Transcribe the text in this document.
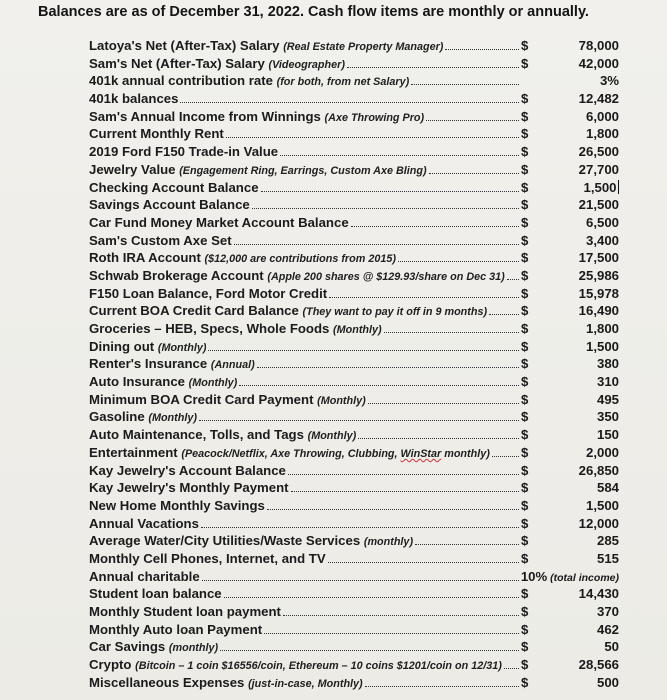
Balances are as of December 31, 2022. Cash flow items are monthly or annually.
Latoya's Net (After-Tax) Salary (Real Estate Property Manager)	$	78,000
Sam's Net (After-Tax) Salary (Videographer)	$	42,000
401k annual contribution rate (for both, from net Salary)	3%
401k balances	$	12,482
Sam's Annual Income from Winnings (Axe Throwing Pro)	$	6,000
Current Monthly Rent	$	1,800
2019 Ford F150 Trade-in Value	$	26,500
Jewelry Value (Engagement Ring, Earrings, Custom Axe Bling)	$	27,700
Checking Account Balance	$	1,500
Savings Account Balance	$	21,500
Car Fund Money Market Account Balance	$	6,500
Sam's Custom Axe Set	$	3,400
Roth IRA Account ($12,000 are contributions from 2015)	$	17,500
Schwab Brokerage Account (Apple 200 shares @ $129.93/share on Dec 31) $	25,986
F150 Loan Balance, Ford Motor Credit	$	15,978
Current BOA Credit Card Balance (They want to pay it off in 9 months)	$	16,490
Groceries – HEB, Specs, Whole Foods (Monthly)	$	1,800
Dining out (Monthly)	$	1,500
Renter's Insurance (Annual)	$	380
Auto Insurance (Monthly)	$	310
Minimum BOA Credit Card Payment (Monthly)	$	495
Gasoline (Monthly)	$	350
Auto Maintenance, Tolls, and Tags (Monthly)	$	150
Entertainment (Peacock/Netflix, Axe Throwing, Clubbing, WinStar monthly) $	2,000
Kay Jewelry's Account Balance	$	26,850
Kay Jewelry's Monthly Payment	$	584
New Home Monthly Savings	$	1,500
Annual Vacations	$	12,000
Average Water/City Utilities/Waste Services (monthly)	$	285
Monthly Cell Phones, Internet, and TV	$	515
Annual charitable	10% (total income)
Student loan balance	$	14,430
Monthly Student loan payment	$	370
Monthly Auto loan Payment	$	462
Car Savings (monthly)	$	50
Crypto (Bitcoin – 1 coin $16556/coin, Ethereum – 10 coins $1201/coin on 12/31) $	28,566
Miscellaneous Expenses (just-in-case, Monthly)	$	500
